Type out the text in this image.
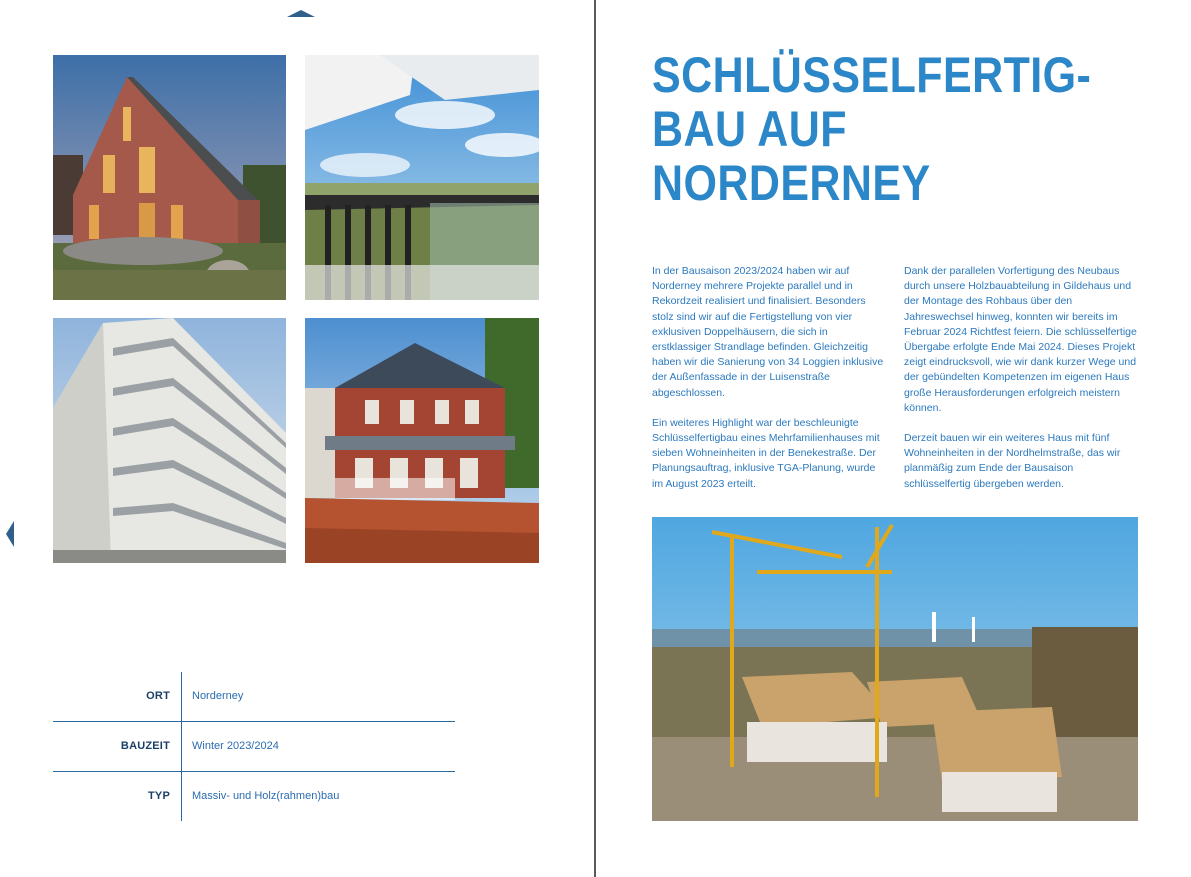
ORT Norderney
BAUZEIT Winter 2023/2024
TYP Massiv- und Holz(rahmen)bau
SCHLÜSSELFERTIG-
BAU AUF
NORDERNEY

In der Bausaison 2023/2024 haben wir auf Norderney mehrere Projekte parallel und in Rekordzeit realisiert und finalisiert. Besonders stolz sind wir auf die Fertigstellung von vier exklusiven Doppelhäusern, die sich in erstklassiger Strandlage befinden. Gleichzeitig haben wir die Sanierung von 34 Loggien inklusive der Außenfassade in der Luisenstraße abgeschlossen.

Ein weiteres Highlight war der beschleunigte Schlüsselfertigbau eines Mehrfamilienhauses mit sieben Wohneinheiten in der Benekestraße. Der Planungsauftrag, inklusive TGA-Planung, wurde im August 2023 erteilt.

Dank der parallelen Vorfertigung des Neubaus durch unsere Holzbauabteilung in Gildehaus und der Montage des Rohbaus über den Jahreswechsel hinweg, konnten wir bereits im Februar 2024 Richtfest feiern. Die schlüsselfertige Übergabe erfolgte Ende Mai 2024. Dieses Projekt zeigt eindrucksvoll, wie wir dank kurzer Wege und der gebündelten Kompetenzen im eigenen Haus große Herausforderungen erfolgreich meistern können.

Derzeit bauen wir ein weiteres Haus mit fünf Wohneinheiten in der Nordhelmstraße, das wir planmäßig zum Ende der Bausaison schlüsselfertig übergeben werden.
